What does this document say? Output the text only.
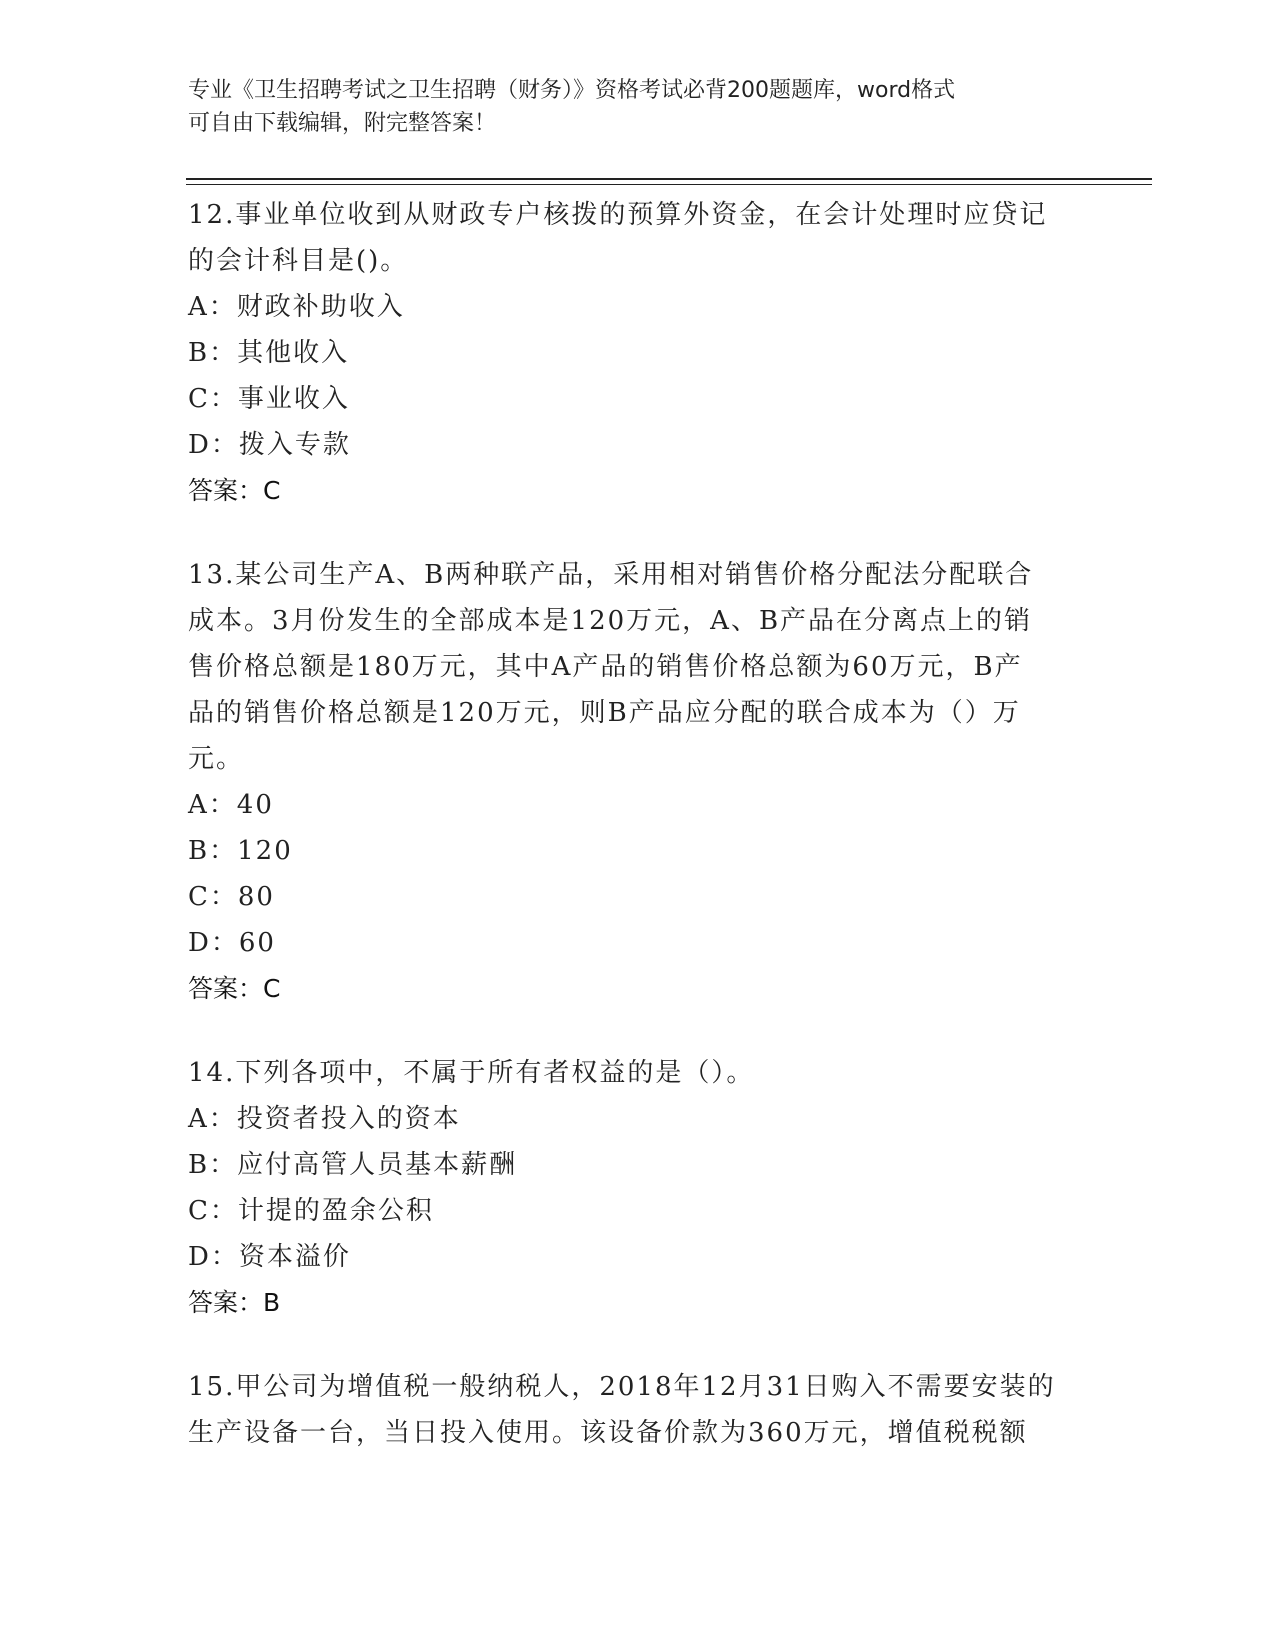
专业《卫生招聘考试之卫生招聘（财务）》资格考试必背200题题库，word格式
可自由下载编辑，附完整答案！

12.事业单位收到从财政专户核拨的预算外资金，在会计处理时应贷记

的会计科目是()。

A：财政补助收入

B：其他收入

C：事业收入

D：拨入专款

答案：C

13.某公司生产A、B两种联产品，采用相对销售价格分配法分配联合

成本。3月份发生的全部成本是120万元，A、B产品在分离点上的销

售价格总额是180万元，其中A产品的销售价格总额为60万元，B产

品的销售价格总额是120万元，则B产品应分配的联合成本为（）万

元。

A：40

B：120

C：80

D：60

答案：C

14.下列各项中，不属于所有者权益的是（）。

A：投资者投入的资本

B：应付高管人员基本薪酬

C：计提的盈余公积

D：资本溢价

答案：B

15.甲公司为增值税一般纳税人，2018年12月31日购入不需要安装的

生产设备一台，当日投入使用。该设备价款为360万元，增值税税额
